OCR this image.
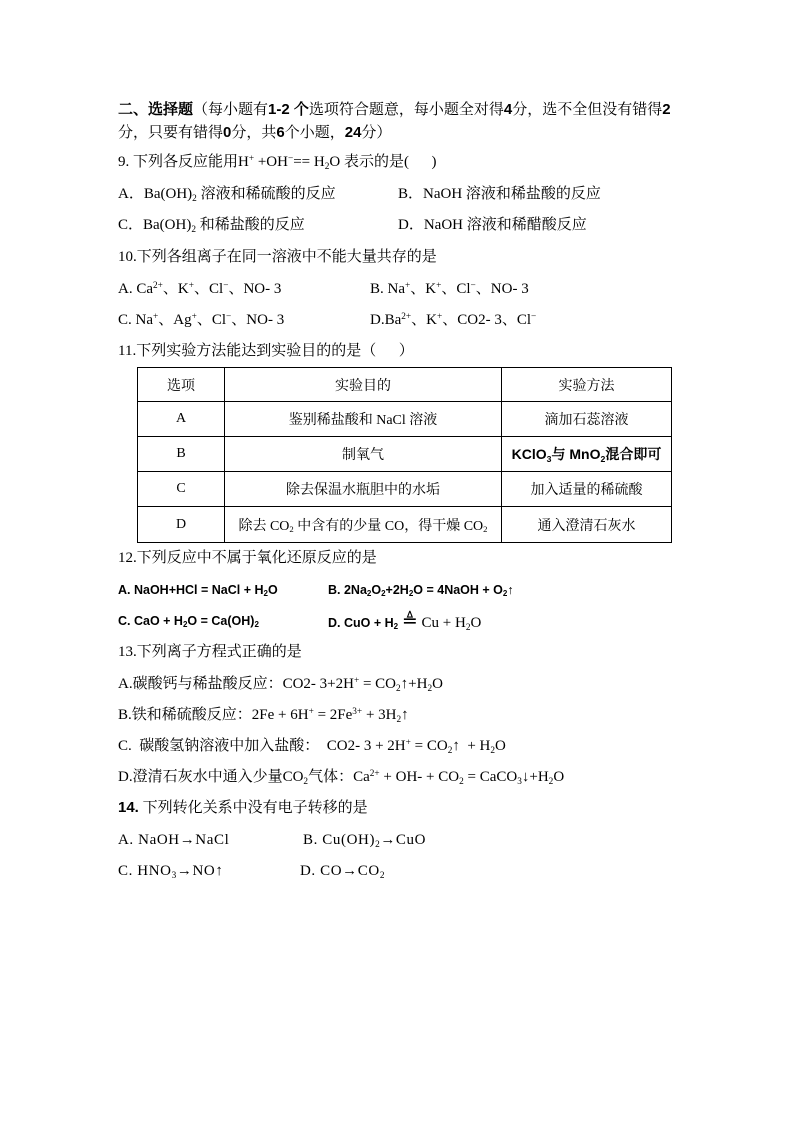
二、选择题（每小题有1-2 个选项符合题意，每小题全对得4分，选不全但没有错得2
分，只要有错得0分，共6个小题，24分）
9. 下列各反应能用$H^+ +OH^-== H_2O$ 表示的是(      )
A．$Ba(OH)_2$ 溶液和稀硫酸的反应	B．NaOH 溶液和稀盐酸的反应
C．$Ba(OH)_2$ 和稀盐酸的反应	D．NaOH 溶液和稀醋酸反应
10.下列各组离子在同一溶液中不能大量共存的是
A. $Ca^{2+}$、K+、Cl−、NO- 3	B. Na+、K+、Cl−、NO- 3
C. Na+、Ag+、Cl−、NO- 3	$D.Ba^{2+}$、K+、CO2- 3、Cl−
11.下列实验方法能达到实验目的的是（      ）
选项	实验目的	实验方法
A	鉴别稀盐酸和 NaCl 溶液	滴加石蕊溶液
B	制氧气	KClO$_3$与 MnO$_2$混合即可
C	除去保温水瓶胆中的水垢	加入适量的稀硫酸
D	除去 $CO_2$ 中含有的少量 CO，得干燥 $CO_2$	通入澄清石灰水
12.下列反应中不属于氧化还原反应的是
A. NaOH+HCl = NaCl + $H_2O$	B. $2Na_2O_2+2H_2O$ = 4NaOH + $O_2↑$
C. CaO + $H_2O = Ca(OH)_2$	D. CuO + $H_2$ ≜ $Cu + H_2O$
13.下列离子方程式正确的是
A.碳酸钙与稀盐酸反应：CO2- $3+2H^+ = CO_2↑+H_2O$
B.铁和稀硫酸反应：$2Fe + 6H^+ = 2Fe^{3+}$ + $3H_2↑$
C.  碳酸氢钠溶液中加入盐酸：  CO2- $3 + 2H^+ = CO_2↑ + H_2O$
D.澄清石灰水中通入少量$CO_2$气体：$Ca^{2+} + OH- + CO_2$ = $CaCO_3↓+H_2O$
14. 下列转化关系中没有电子转移的是
A. NaOH→NaCl	B. $Cu(OH)_2\to CuO$
C. $HNO_3\to NO↑$	D. $CO\to CO_2$
